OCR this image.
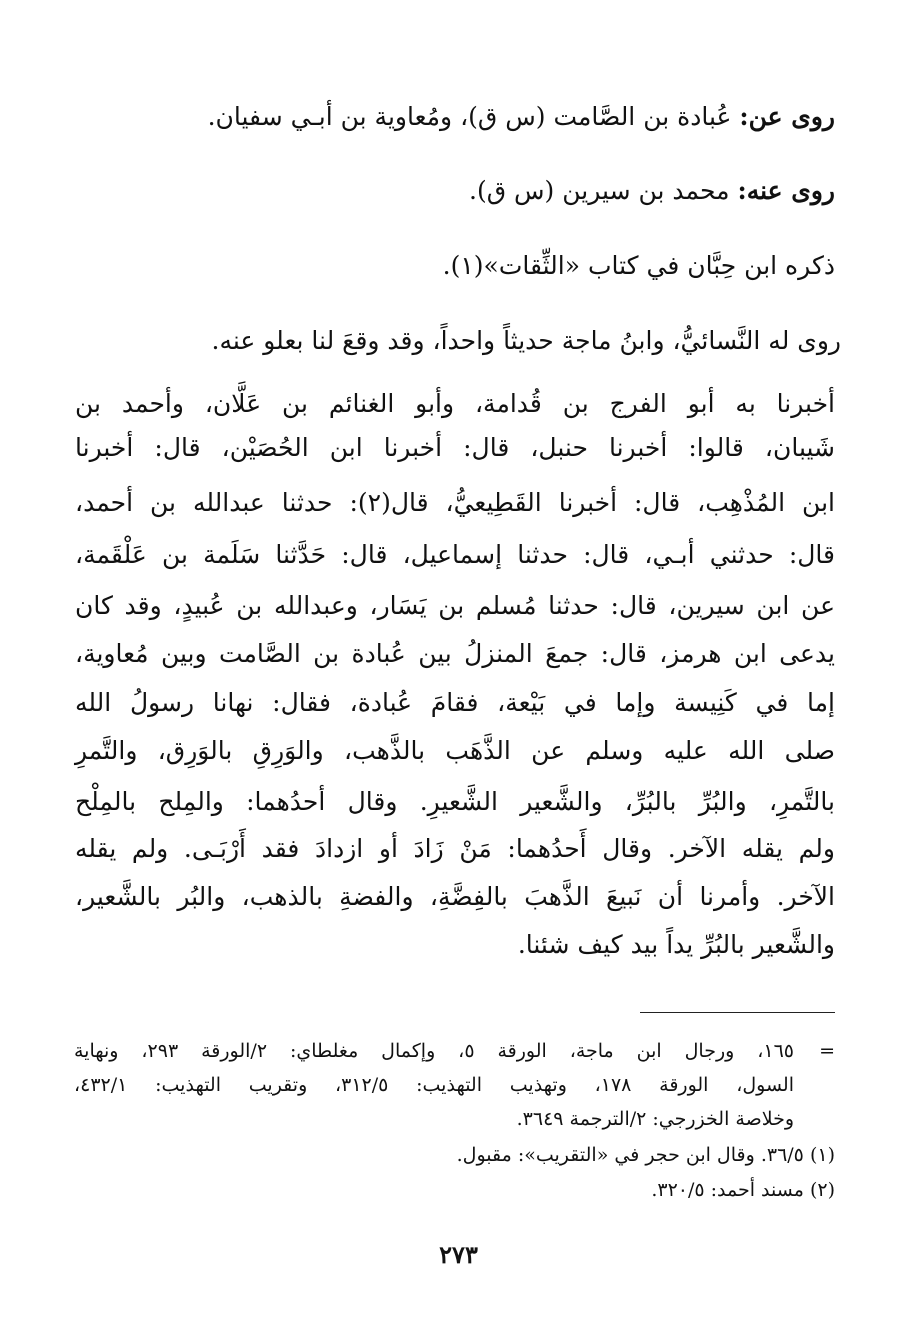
روى عن: عُبادة بن الصَّامت (س ق)، ومُعاوية بن أبـي سفيان.
روى عنه: محمد بن سيرين (س ق).
ذكره ابن حِبَّان في كتاب «الثِّقات»(١).
روى له النَّسائيُّ، وابنُ ماجة حديثاً واحداً، وقد وقعَ لنا بعلو عنه.
أخبرنا به أبو الفرج بن قُدامة، وأبو الغنائم بن عَلَّان، وأحمد بن
شَيبان، قالوا: أخبرنا حنبل، قال: أخبرنا ابن الحُصَيْن، قال: أخبرنا
ابن المُذْهِب، قال: أخبرنا القَطِيعيُّ، قال(٢): حدثنا عبدالله بن أحمد،
قال: حدثني أبـي، قال: حدثنا إسماعيل، قال: حَدَّثنا سَلَمة بن عَلْقَمة،
عن ابن سيرين، قال: حدثنا مُسلم بن يَسَار، وعبدالله بن عُبيدٍ، وقد كان
يدعى ابن هرمز، قال: جمعَ المنزلُ بين عُبادة بن الصَّامت وبين مُعاوية،
إما في كَنِيسة وإما في بَيْعة، فقامَ عُبادة، فقال: نهانا رسولُ الله
صلى الله عليه وسلم عن الذَّهَب بالذَّهب، والوَرِقِ بالوَرِق، والتَّمرِ
بالتَّمرِ، والبُرِّ بالبُرِّ، والشَّعير الشَّعيرِ. وقال أحدُهما: والمِلح بالمِلْح
ولم يقله الآخر. وقال أَحدُهما: مَنْ زَادَ أو ازدادَ فقد أَرْبَـى. ولم يقله
الآخر. وأمرنا أن نَبيعَ الذَّهبَ بالفِضَّةِ، والفضةِ بالذهب، والبُر بالشَّعير،
والشَّعير بالبُرِّ يداً بيد كيف شئنا.
=
١٦٥، ورجال ابن ماجة، الورقة ٥، وإكمال مغلطاي: ٢/الورقة ٢٩٣، ونهاية
السول، الورقة ١٧٨، وتهذيب التهذيب: ٣١٢/٥، وتقريب التهذيب: ٤٣٢/١،
وخلاصة الخزرجي: ٢/الترجمة ٣٦٤٩.
(١) ٣٦/٥. وقال ابن حجر في «التقريب»: مقبول.
(٢) مسند أحمد: ٣٢٠/٥.
٢٧٣
